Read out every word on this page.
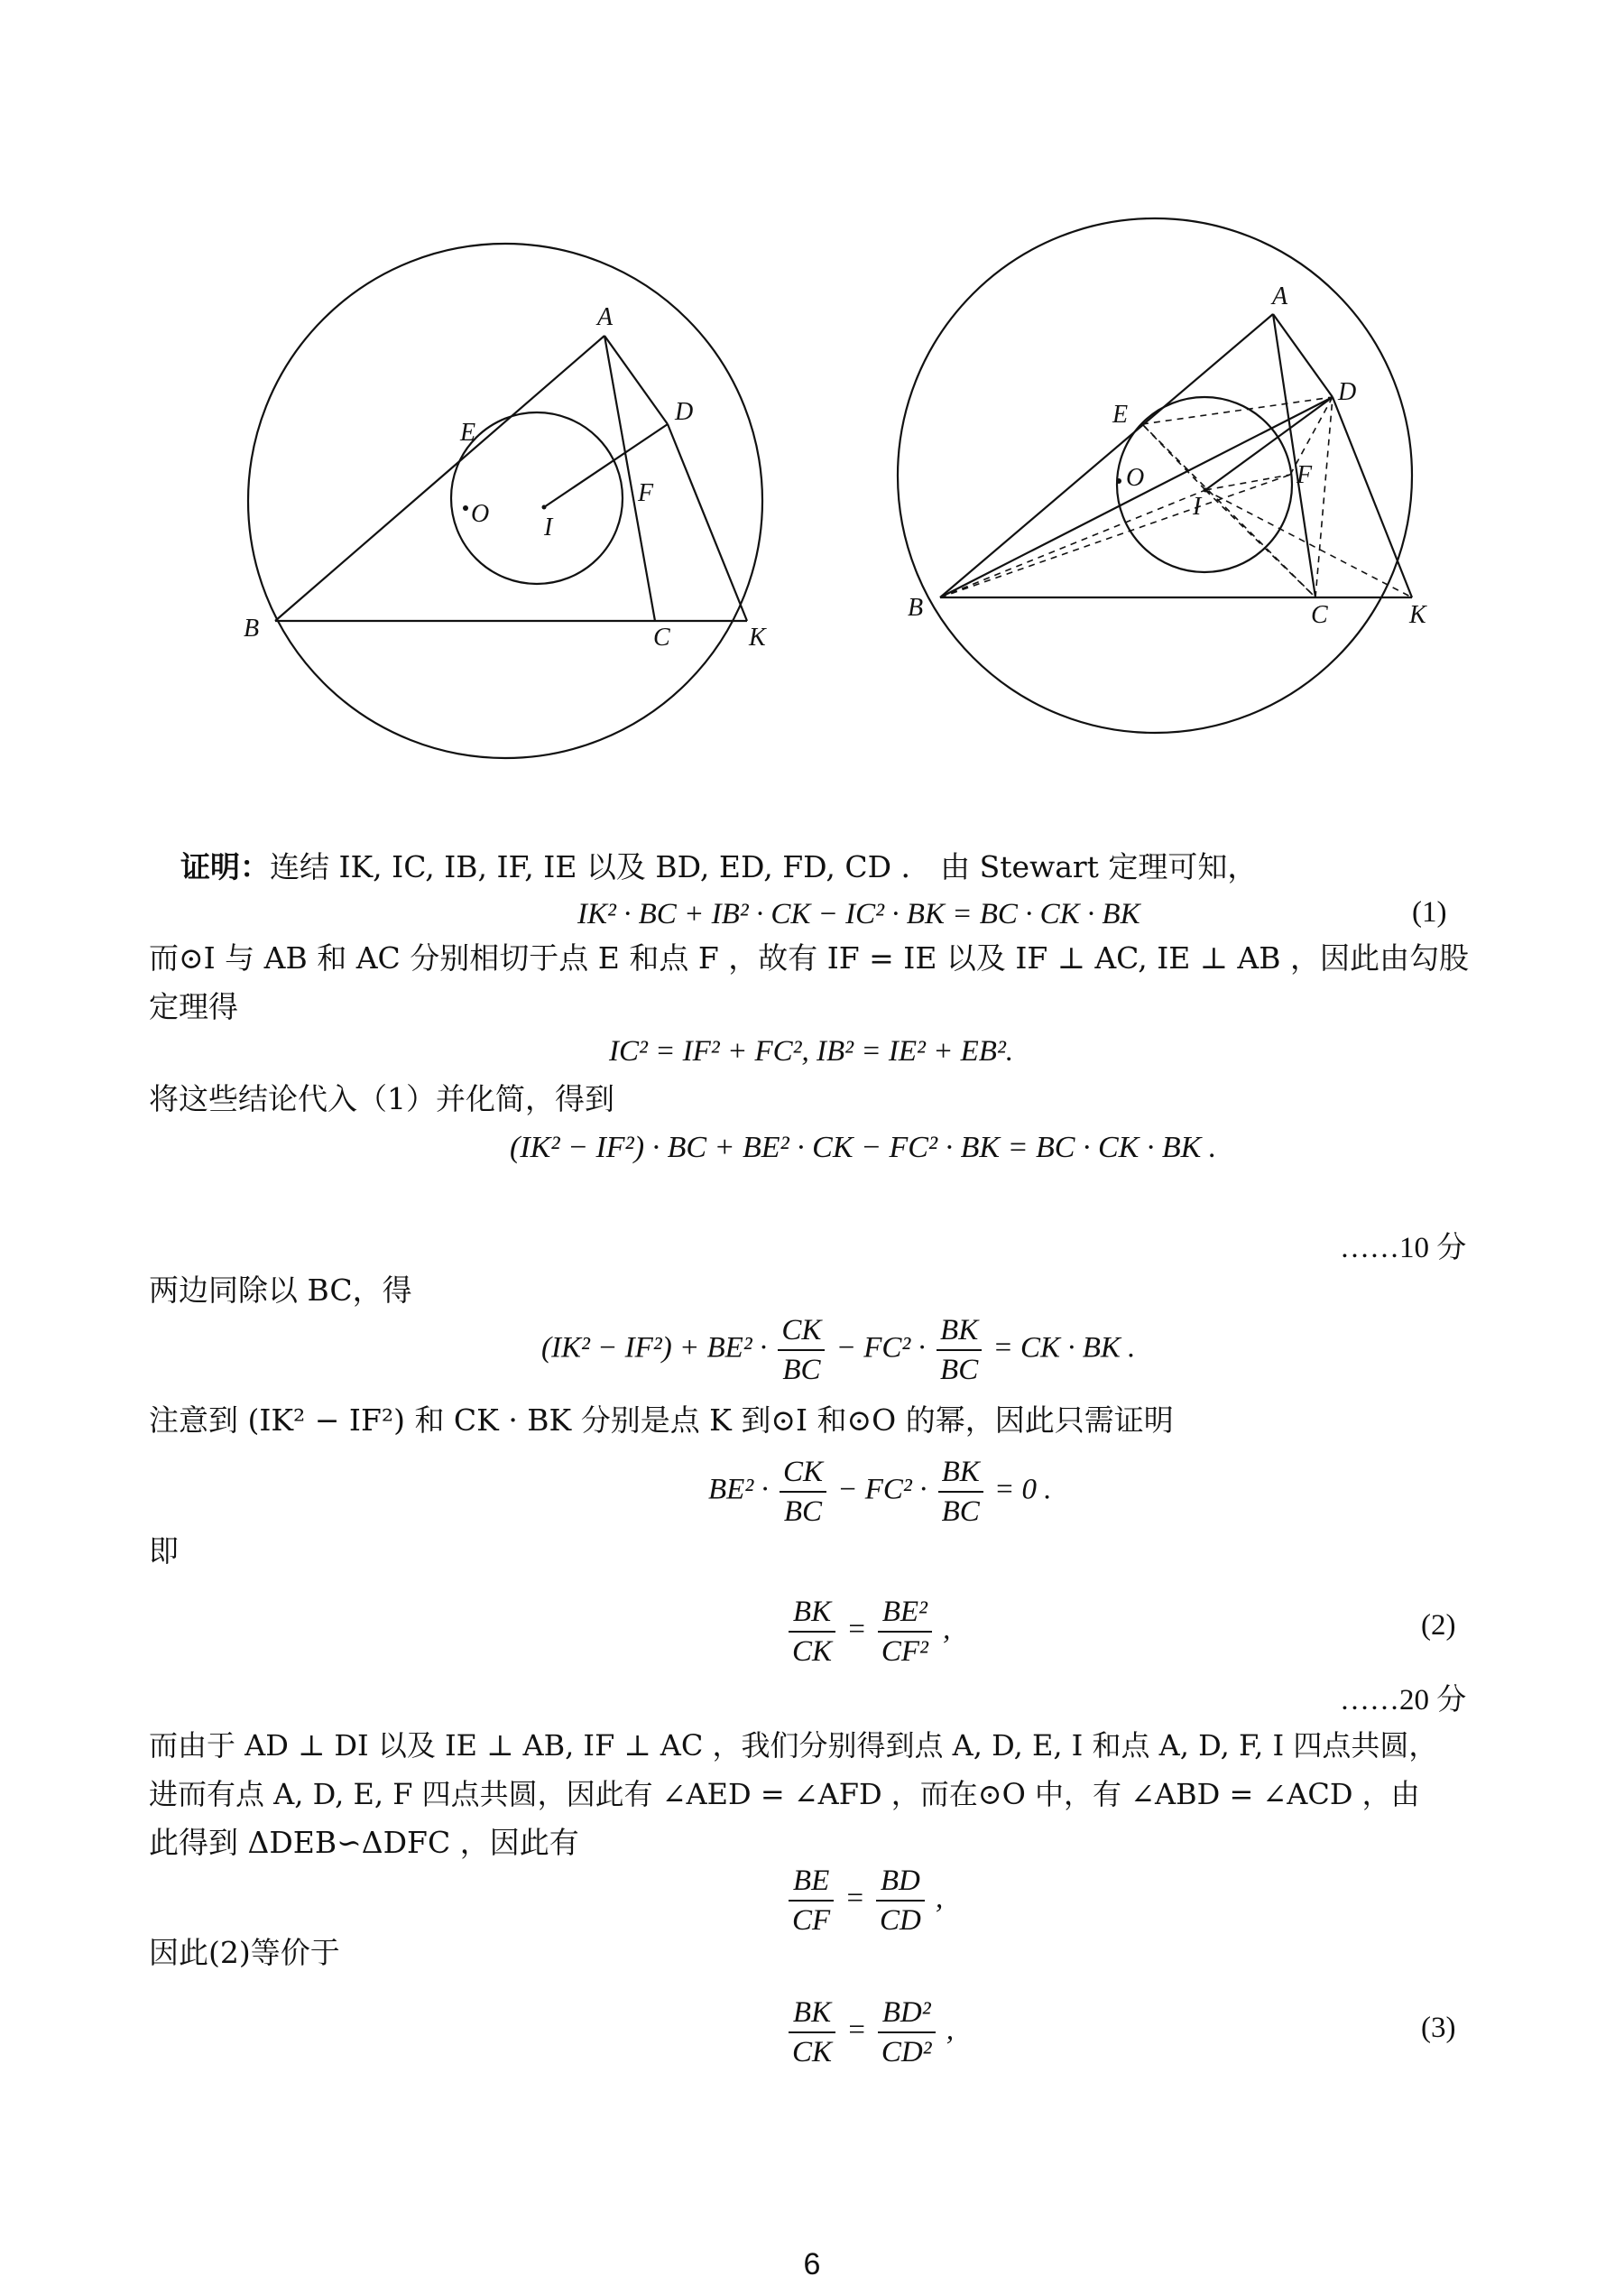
A
D
E
F
O I
B	C	K
A
D
E
F
O
I
B	C	K
证明：连结 IK, IC, IB, IF, IE 以及 BD, ED, FD, CD ． 由 Stewart 定理可知，
IK² · BC + IB² · CK − IC² · BK = BC · CK · BK	(1)
而⊙I 与 AB 和 AC 分别相切于点 E 和点 F ，故有 IF = IE 以及 IF ⊥ AC, IE ⊥ AB ，因此由勾股
定理得
IC² = IF² + FC², IB² = IE² + EB².
将这些结论代入（1）并化简，得到
(IK² − IF²) · BC + BE² · CK − FC² · BK = BC · CK · BK .
……10 分
两边同除以 BC，得
$(IK^2 - IF^2) + BE^2 \cdot \frac{CK}{BC} - FC^2 \cdot \frac{BK}{BC}$ = CK · BK .
注意到 (IK² − IF²) 和 CK · BK 分别是点 K 到⊙I 和⊙O 的幂，因此只需证明
$BE^2 \cdot \frac{CK}{BC} - FC^2 \cdot \frac{BK}{BC} = 0$ .
即
$\frac{BK}{CK} = \frac{\text{BE²}}{\text{CF²}}$ ,	(2)
……20 分
而由于 AD ⊥ DI 以及 IE ⊥ AB, IF ⊥ AC ，我们分别得到点 A, D, E, I 和点 A, D, F, I 四点共圆，
进而有点 A, D, E, F 四点共圆，因此有 ∠AED = ∠AFD ，而在⊙O 中，有 ∠ABD = ∠ACD ，由
此得到 ΔDEB∽ΔDFC ，因此有
$\frac{BE}{CF} = \frac{BD}{CD}$ ,
因此(2)等价于
$\frac{BK}{CK} = \frac{\text{BD²}}{\text{CD²}}$ ,	(3)
6
